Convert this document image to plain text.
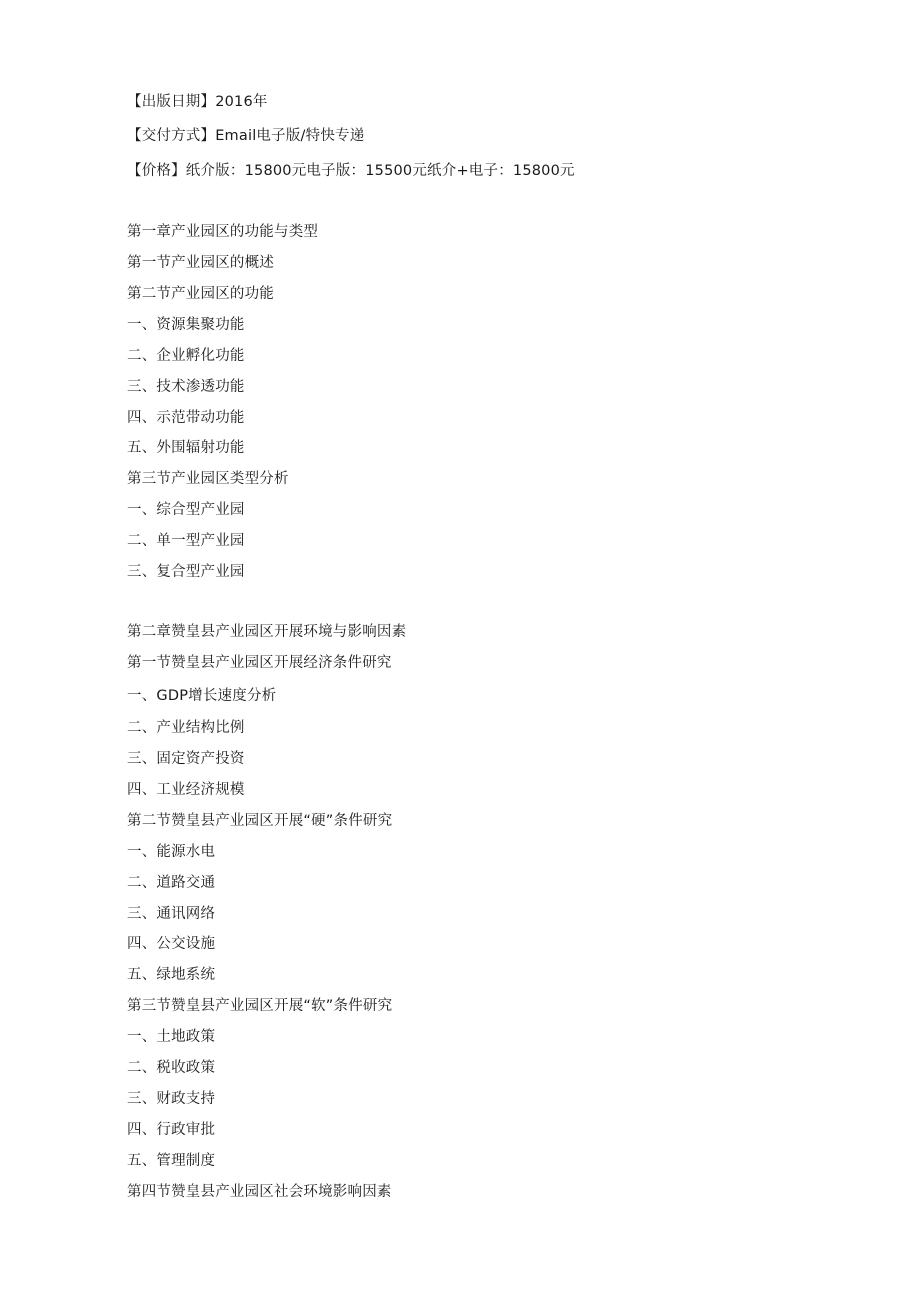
【出版日期】2016年
【交付方式】Email电子版/特快专递
【价格】纸介版：15800元电子版：15500元纸介+电子：15800元
第一章产业园区的功能与类型
第一节产业园区的概述
第二节产业园区的功能
一、资源集聚功能
二、企业孵化功能
三、技术渗透功能
四、示范带动功能
五、外围辐射功能
第三节产业园区类型分析
一、综合型产业园
二、单一型产业园
三、复合型产业园
第二章赞皇县产业园区开展环境与影响因素
第一节赞皇县产业园区开展经济条件研究
一、GDP增长速度分析
二、产业结构比例
三、固定资产投资
四、工业经济规模
第二节赞皇县产业园区开展“硬”条件研究
一、能源水电
二、道路交通
三、通讯网络
四、公交设施
五、绿地系统
第三节赞皇县产业园区开展“软”条件研究
一、土地政策
二、税收政策
三、财政支持
四、行政审批
五、管理制度
第四节赞皇县产业园区社会环境影响因素
